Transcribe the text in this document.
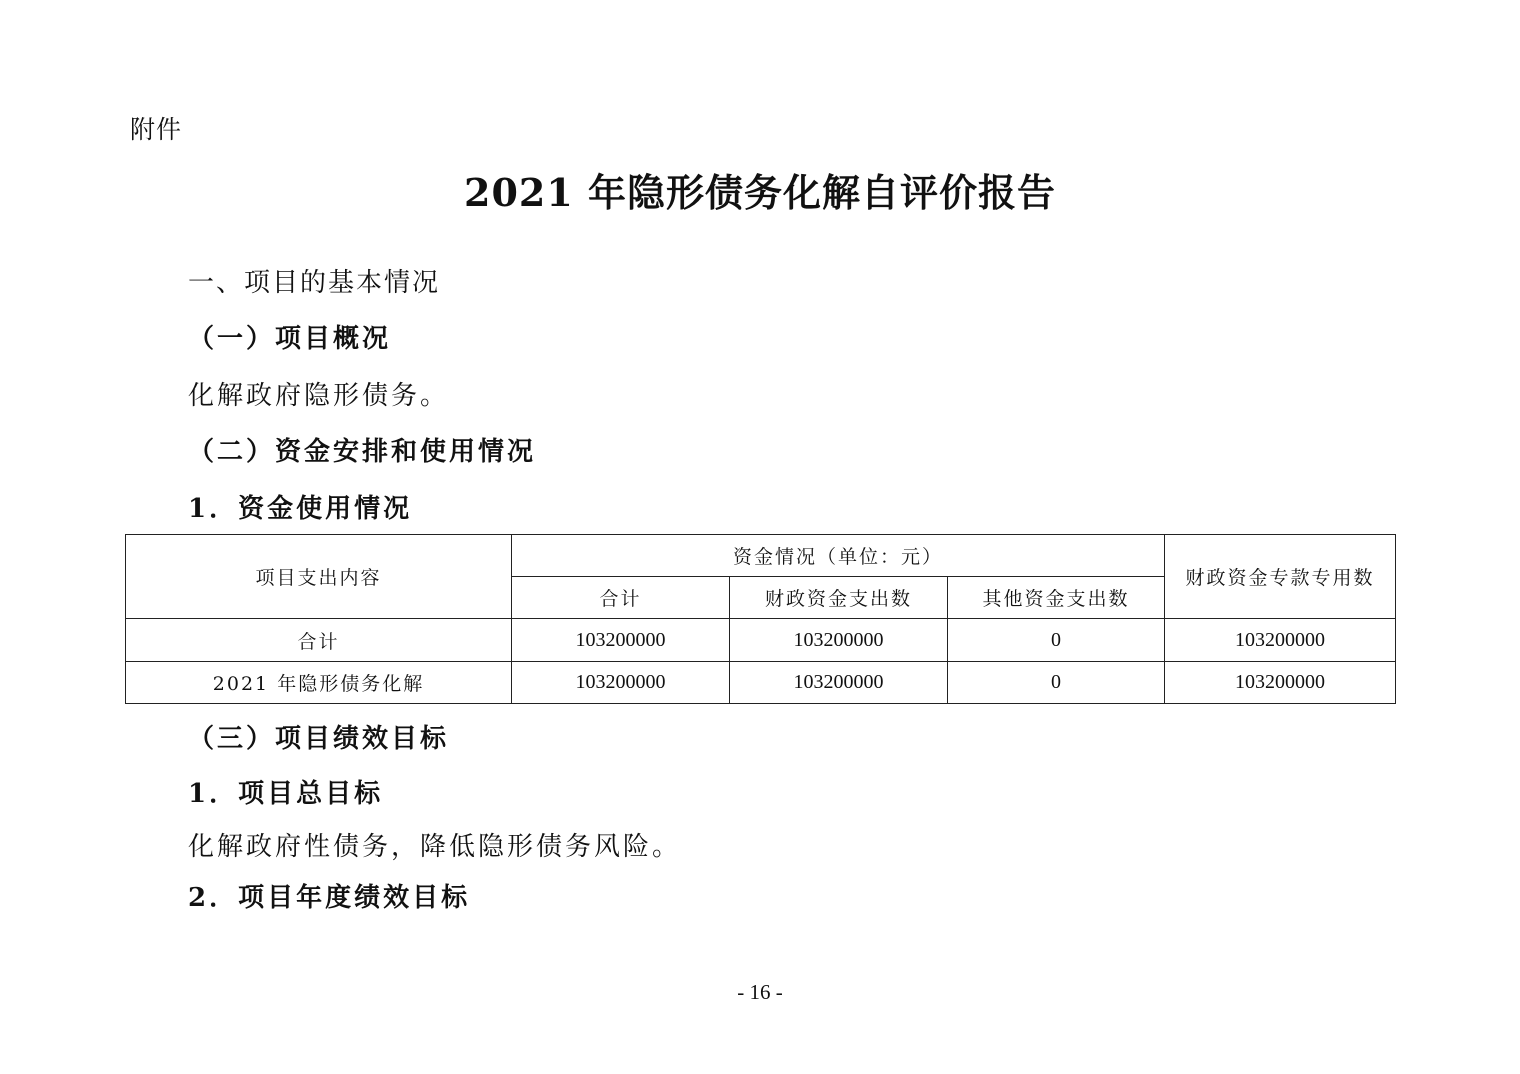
附件
2021 年隐形债务化解自评价报告
一、项目的基本情况
（一）项目概况
化解政府隐形债务。
（二）资金安排和使用情况
1．资金使用情况
项目支出内容	资金情况（单位：元）			财政资金专款专用数
	合计	财政资金支出数	其他资金支出数	
合计	103200000	103200000	0	103200000
2021 年隐形债务化解	103200000	103200000	0	103200000
（三）项目绩效目标
1．项目总目标
化解政府性债务，降低隐形债务风险。
2．项目年度绩效目标
- 16 -
